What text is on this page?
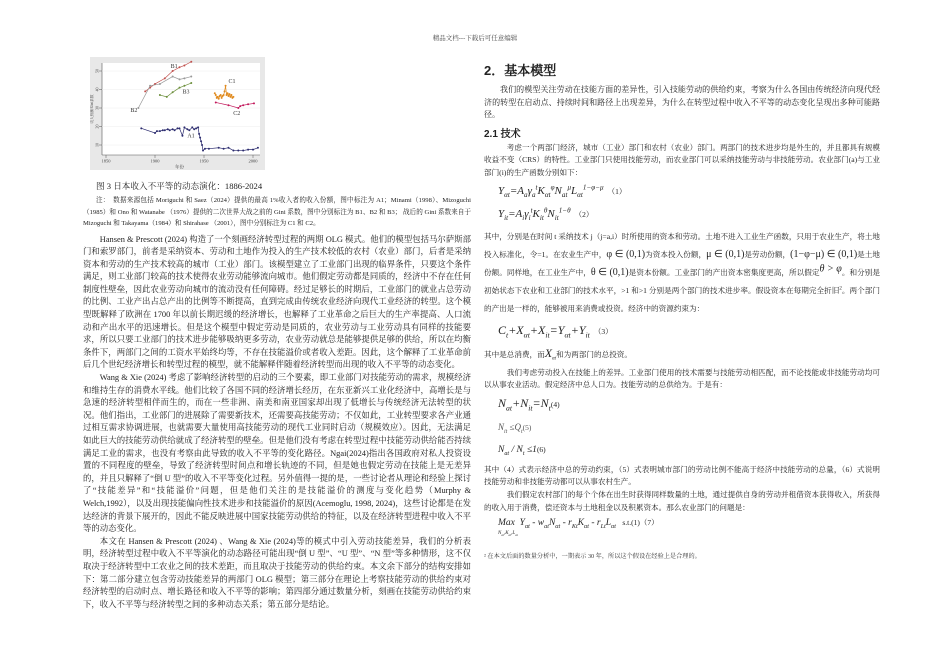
精品文档---下载后可任意编辑
10
20
30
40
50
1850	1900	1950	2000
年份
收入份额/Gini系数
A1
B1
B2
B3
C1
C2
图 3 日本收入不平等的动态演化：1886-2024
注：　数据来源包括 Moriguchi 和 Saez（2024）提供的最高 1%收入者的收入份额，图中标注为 A1；Minami（1998）、Mizoguchi （1985）和 Ono 和 Watanabe （1976）提供的二次世界大战之前的 Gini 系数，图中分别标注为 B1、B2 和 B3； 战后的 Gini 系数来自于 Mizoguchi 和 Takayama（1984）和 Shirahase （2001），图中分别标注为 C1 和 C2。

Hansen & Prescott (2024) 构造了一个刻画经济转型过程的两期 OLG 模式。他们的模型包括马尔萨斯部门和索罗部门，前者是采纳资本、劳动和土地作为投入的生产技术较低的农村（农业）部门，后者是采纳资本和劳动的生产技术较高的城市（工业）部门。该模型建立了工业部门出现的临界条件，只要这个条件满足，则工业部门较高的技术使得农业劳动能够流向城市。他们假定劳动都是同质的，经济中不存在任何制度性壁垒，因此农业劳动向城市的流动没有任何障碍。经过足够长的时期后，工业部门的就业占总劳动的比例、工业产出占总产出的比例等不断提高，直到完成由传统农业经济向现代工业经济的转型。这个模型既解释了欧洲在 1700 年以前长期迟缓的经济增长，也解释了工业革命之后巨大的生产率提高、人口流动和产出水平的迅速增长。但是这个模型中假定劳动是同质的，农业劳动与工业劳动具有同样的技能要求，所以只要工业部门的技术进步能够吸纳更多劳动，农业劳动就总是能够提供足够的供给，所以在均衡条件下，两部门之间的工资水平始终均等，不存在技能溢价或者收入差距。因此，这个解释了工业革命前后几个世纪经济增长和转型过程的模型，就不能解释伴随着经济转型而出现的收入不平等的动态变化。

Wang & Xie (2024) 考虑了影响经济转型的启动的三个要素，即工业部门对技能劳动的需求，规模经济和维持生存的消费水平线。他们比较了各国不同的经济增长经历，在东亚新兴工业化经济中，高增长是与急速的经济转型相伴而生的，而在一些非洲、南美和南亚国家却出现了低增长与传统经济无法转型的状况。他们指出，工业部门的进展除了需要新技术，还需要高技能劳动；不仅如此，工业转型要求各产业通过相互需求协调进展，也就需要大量使用高技能劳动的现代工业同时启动（规模效应）。因此，无法满足如此巨大的技能劳动供给就成了经济转型的壁垒。但是他们没有考虑在转型过程中技能劳动供给能否持续满足工业的需求，也没有考察由此导致的收入不平等的变化路径。Ngai(2024)指出各国政府对私人投资设置的不同程度的壁垒，导致了经济转型时间点和增长轨迹的不同，但是她也假定劳动在技能上是无差异的，并且只解释了“倒 U 型”的收入不平等变化过程。另外值得一提的是，一些讨论者从理论和经验上探讨了“技能差异”和“技能溢价”问题，但是他们关注的是技能溢价的测度与变化趋势（Murphy & Welch,1992），以及出现技能偏向性技术进步和技能溢价的原因(Acemoglu, 1998, 2024)，这些讨论都是在发达经济的背景下展开的，因此不能反映进展中国家技能劳动供给的特征，以及在经济转型进程中收入不平等的动态变化。

本文在 Hansen & Prescott (2024) 、Wang & Xie (2024)等的模式中引入劳动技能差异，我们的分析表明，经济转型过程中收入不平等演化的动态路径可能出现“倒 U 型”、“U 型”、“N 型”等多种情形，这不仅取决于经济转型中工农业之间的技术差距，而且取决于技能劳动的供给约束。本文余下部分的结构安排如下：第二部分建立包含劳动技能差异的两部门 OLG 模型；第三部分在理论上考察技能劳动的供给约束对经济转型的启动时点、增长路径和收入不平等的影响；第四部分通过数量分析，刻画在技能劳动供给约束下，收入不平等与经济转型之间的多种动态关系；第五部分是结论。

2．基本模型

我们的模型关注劳动在技能方面的差异性，引入技能劳动的供给约束，考察为什么各国由传统经济向现代经济的转型在启动点、持续时间和路径上出现差异，为什么在转型过程中收入不平等的动态变化呈现出多种可能路径。

2.1 技术

考虑一个两部门经济，城市（工业）部门和农村（农业）部门。两部门的技术进步均是外生的，并且都具有规模收益不变（CRS）的特性。工业部门只使用技能劳动，而农业部门可以采纳技能劳动与非技能劳动。农业部门(a)与工业部门(i)的生产函数分别如下：

$Y_{\alpha t}=A_a\gamma_a^tK_{\alpha t}^\varphi N_{at}^\mu L_{\alpha t}^{1-\varphi-\mu}$ （1）
$Y_{it}=A_i\gamma_i^tK_{it}^\theta N_{it}^{1-\theta}$ （2）
其中，分别是在时间 t 采纳技术 j（j=a,i）时所使用的资本和劳动。土地不进入工业生产函数，只用于农业生产，将土地投入标准化，令=1。在农业生产中，φ ∈ (0,1)为资本投入份额，μ ∈ (0,1)是劳动份额，(1−φ−μ) ∈ (0,1)是土地份额。同样地，在工业生产中，θ ∈ (0,1)是资本份额。工业部门的产出资本密集度更高，所以假定$^{\theta > \varphi}$。和分别是初始状态下农业和工业部门的技术水平，>1 和>1 分别是两个部门的技术进步率。假设资本在每期完全折旧$^2$。两个部门的产出是一样的，能够被用来消费或投资。经济中的资源约束为：
$C_t+X_{\alpha t}+X_{it}=Y_{\alpha t}+Y_{it}$ （3）
其中是总消费，而$X_{\alpha t}$和为两部门的总投资。

我们考虑劳动投入在技能上的差异。工业部门使用的技术需要与技能劳动相匹配，而不论技能或非技能劳动均可以从事农业活动。假定经济中总人口为。技能劳动的总供给为。于是有：

$N_{at}+N_{it}=N_t(4)$
$N_{it} \le Q_t(5)$
$N_{at} / N_t \le 1(6)$

其中（4）式表示经济中总的劳动约束，（5）式表明城市部门的劳动比例不能高于经济中技能劳动的总量，（6）式说明技能劳动和非技能劳动都可以从事农村生产。

我们假定农村部门的每个个体在出生时获得同样数量的土地，通过提供自身的劳动并租借资本获得收入，所获得的收入用于消费，偿还资本与土地租金以及积累资本。那么农业部门的问题是：

Max  $Y_{\alpha t} - w_{at}N_{\alpha t} - r_{Kt}K_{\alpha t} - r_{Lt}L_{\alpha t}$ s.t.(1)（7）
$N_{\alpha t},K_{\alpha t},L_{\alpha t}$
² 在本文后面的数量分析中，一期表示 30 年，所以这个假设在经验上是合理的。
